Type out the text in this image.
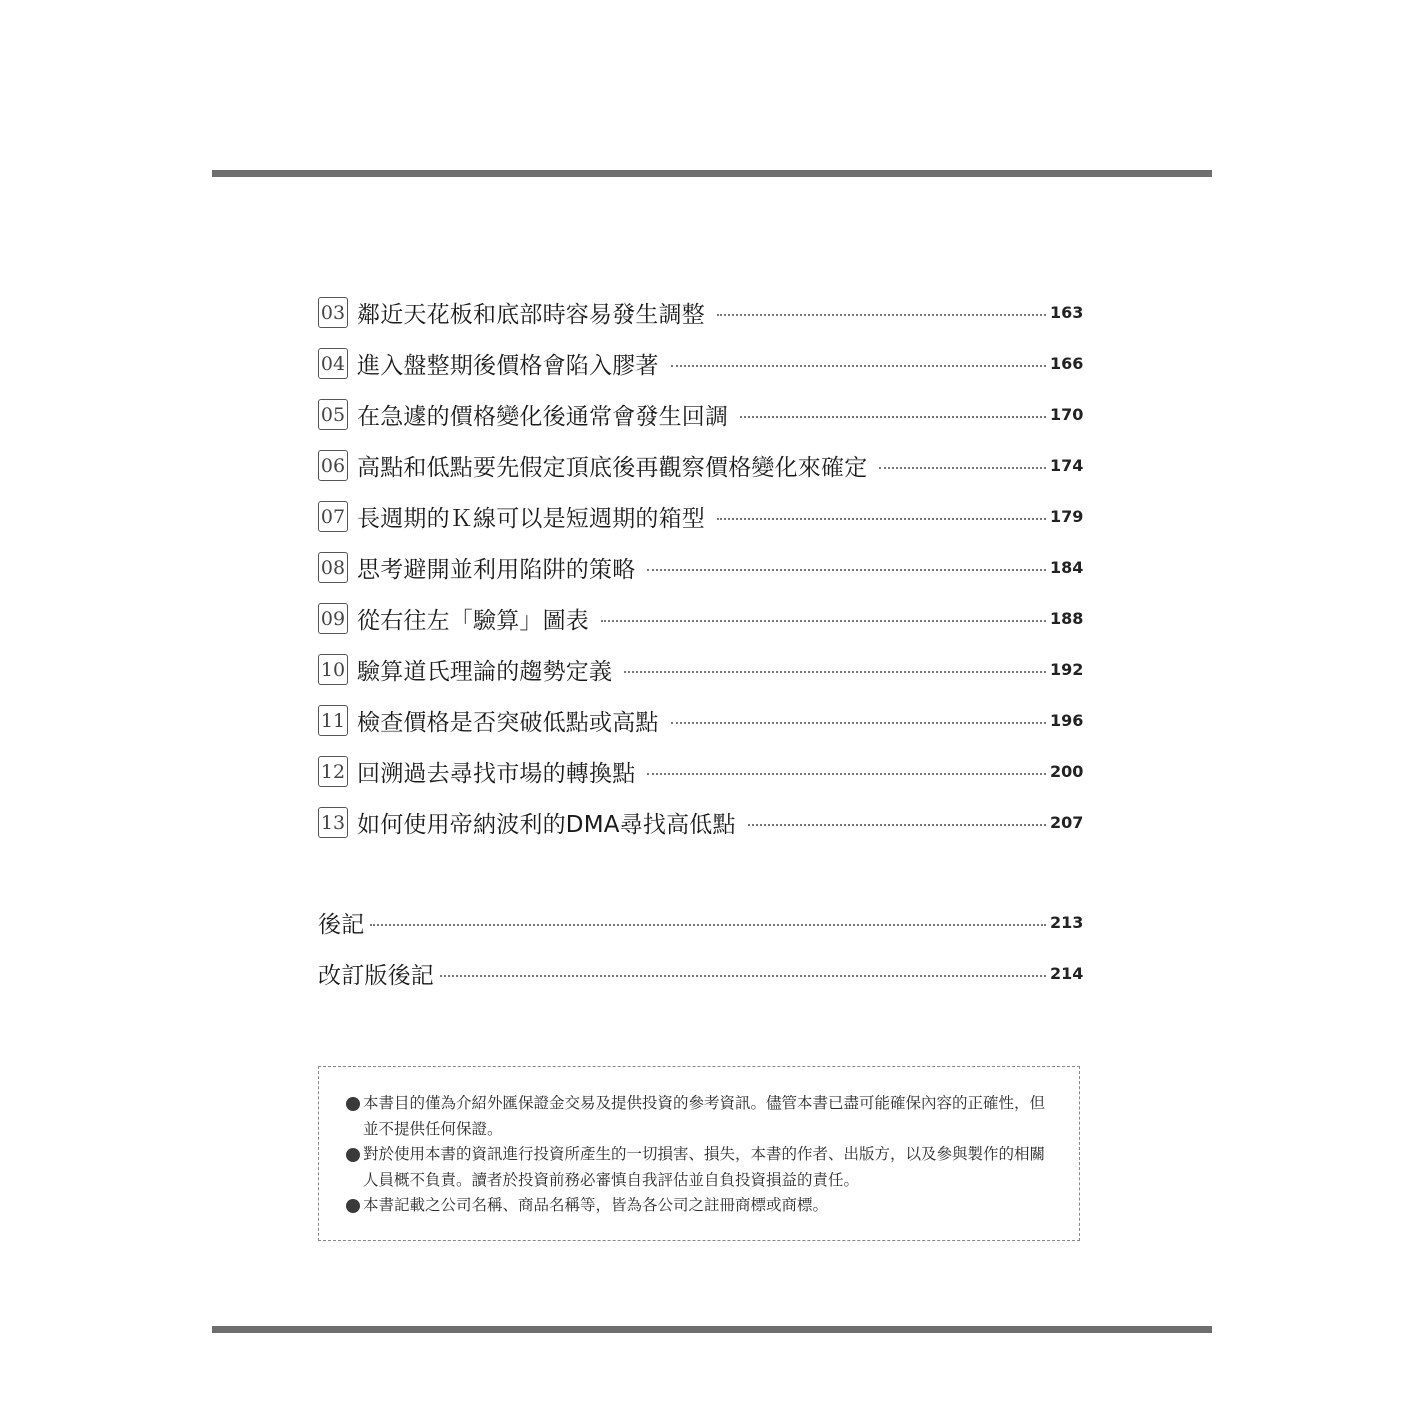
03 鄰近天花板和底部時容易發生調整	163
04 進入盤整期後價格會陷入膠著	166
05 在急遽的價格變化後通常會發生回調	170
06 高點和低點要先假定頂底後再觀察價格變化來確定	174
07 長週期的Ｋ線可以是短週期的箱型	179
08 思考避開並利用陷阱的策略	184
09 從右往左「驗算」圖表	188
10 驗算道氏理論的趨勢定義	192
11 檢查價格是否突破低點或高點	196
12 回溯過去尋找市場的轉換點	200
13 如何使用帝納波利的DMA尋找高低點	207
後記	213
改訂版後記	214
本書目的僅為介紹外匯保證金交易及提供投資的參考資訊。儘管本書已盡可能確保內容的正確性，但並不提供任何保證。
對於使用本書的資訊進行投資所產生的一切損害、損失，本書的作者、出版方，以及參與製作的相關人員概不負責。讀者於投資前務必審慎自我評估並自負投資損益的責任。
本書記載之公司名稱、商品名稱等，皆為各公司之註冊商標或商標。
